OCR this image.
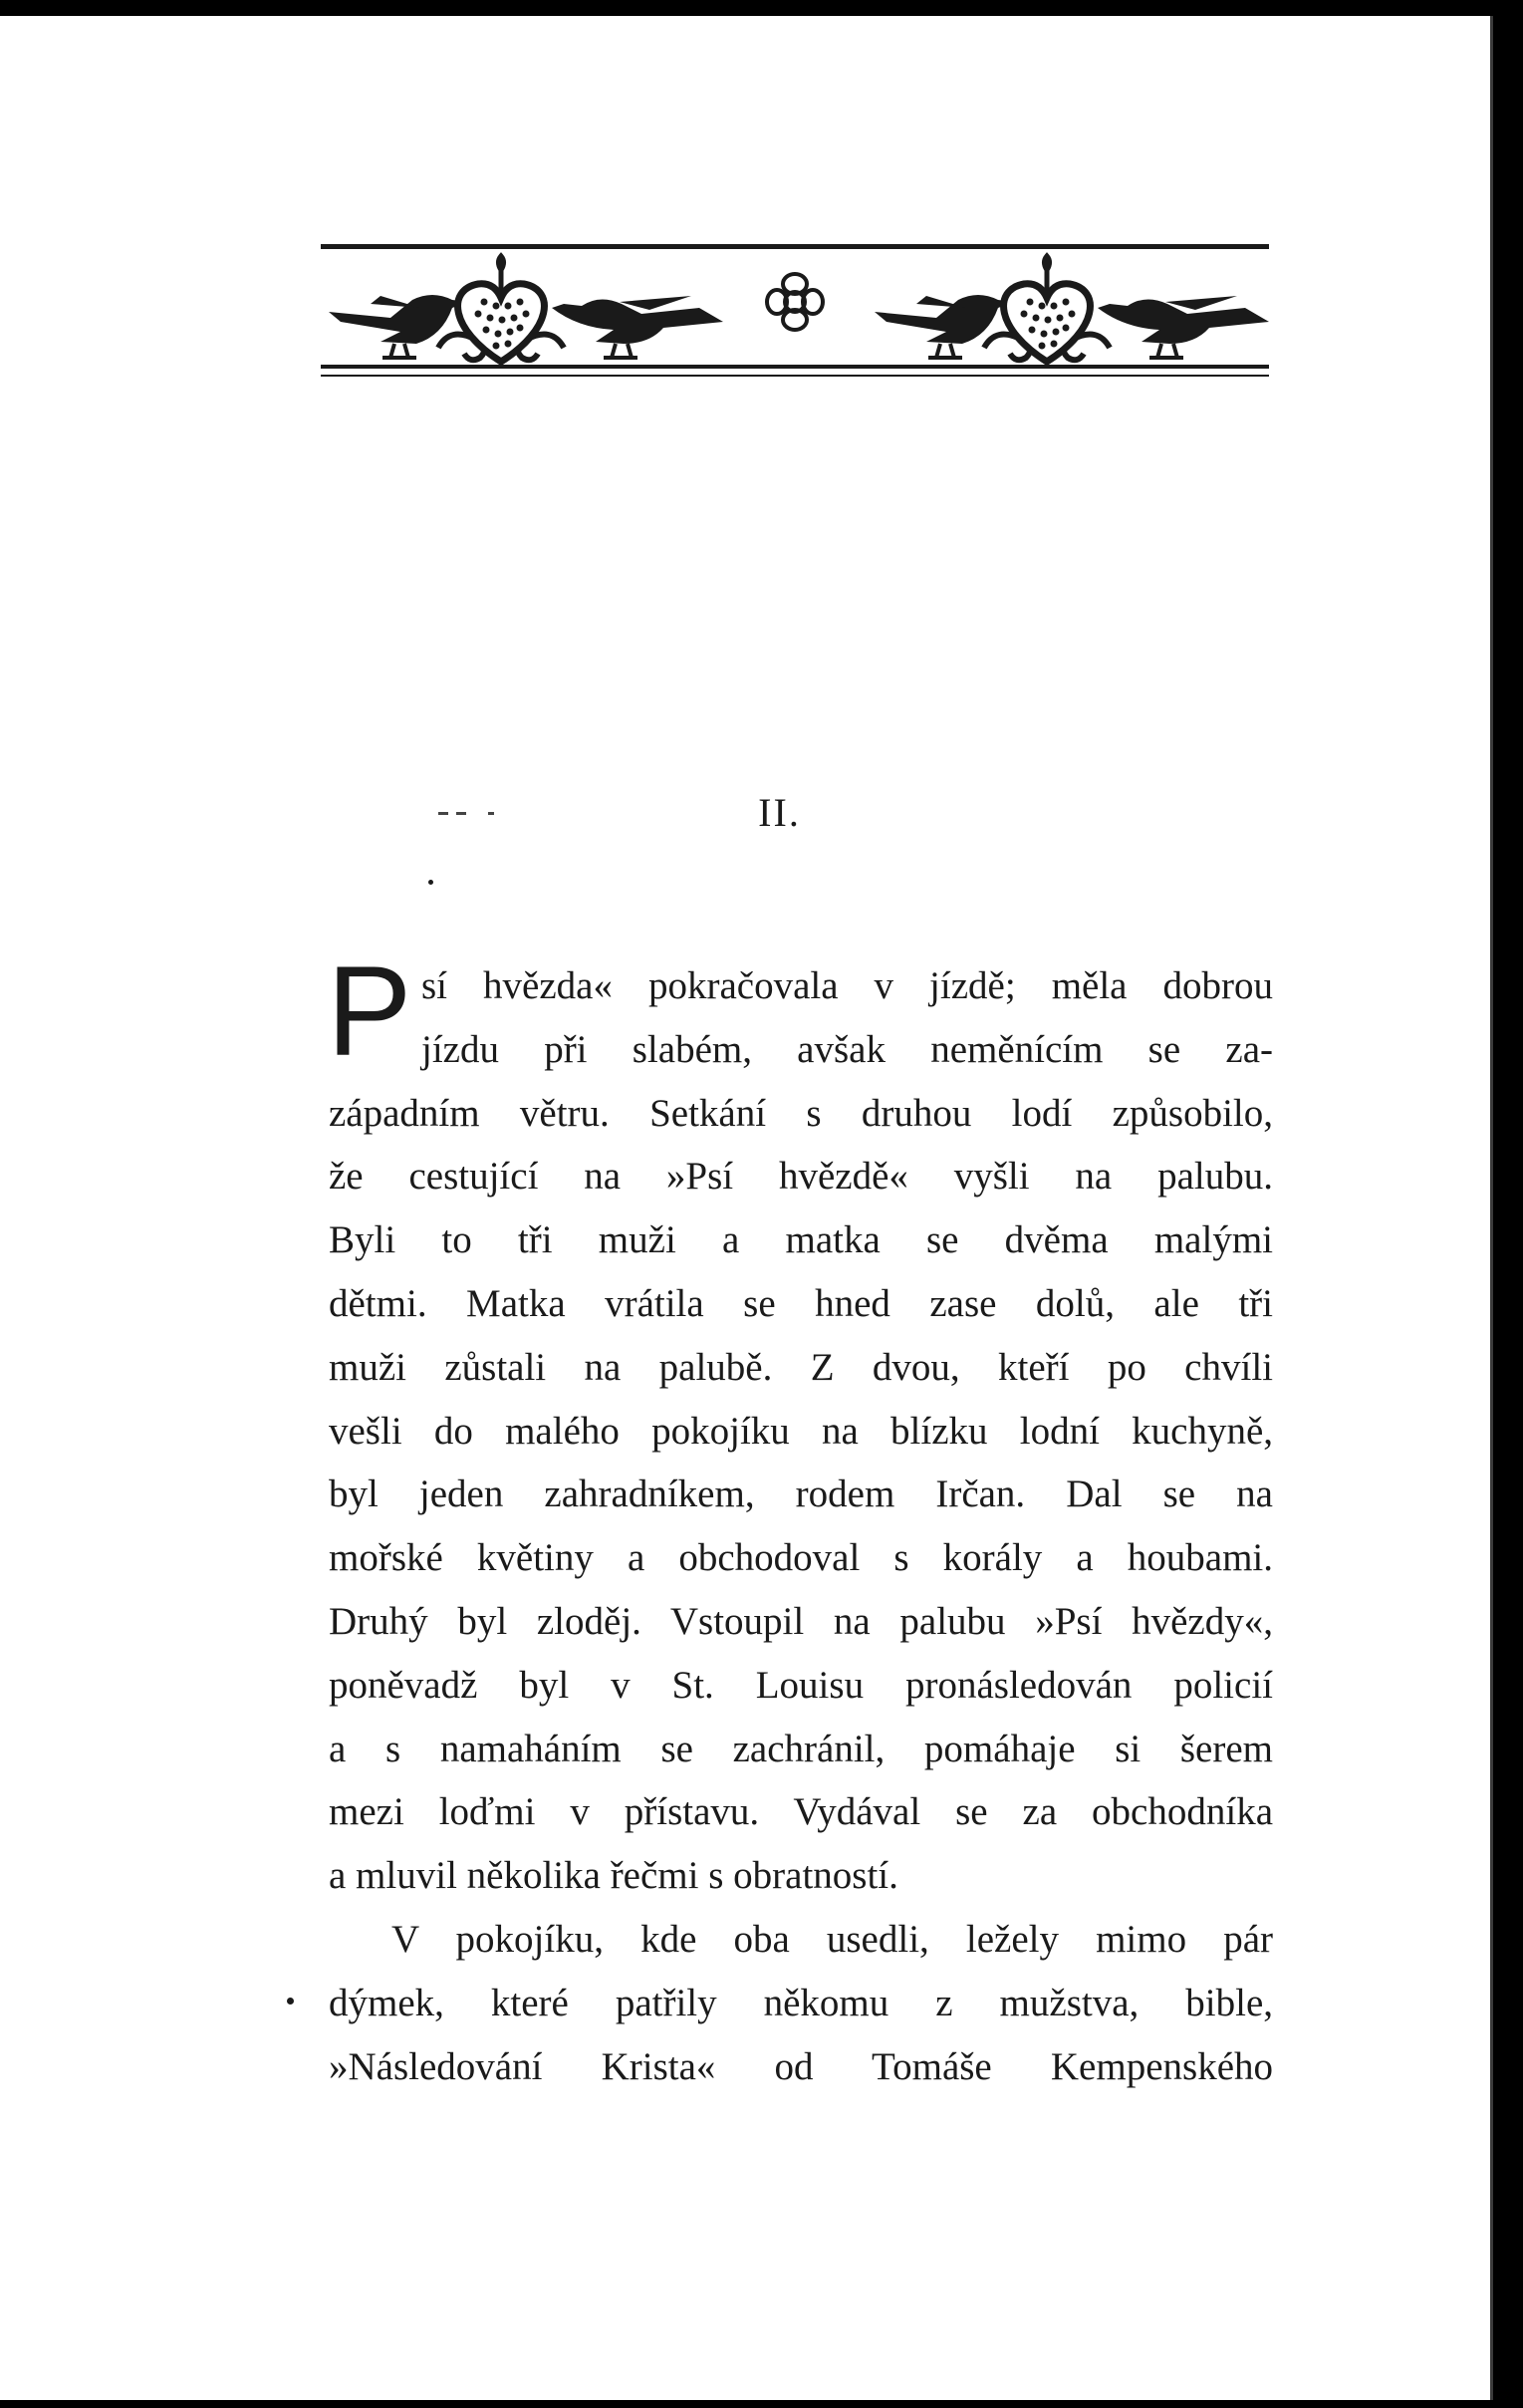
II.
P sí hvězda« pokračovala v jízdě; měla dobrou
jízdu při slabém, avšak neměnícím se za-
západním větru. Setkání s druhou lodí způsobilo,
že cestující na »Psí hvězdě« vyšli na palubu.
Byli to tři muži a matka se dvěma malými
dětmi. Matka vrátila se hned zase dolů, ale tři
muži zůstali na palubě. Z dvou, kteří po chvíli
vešli do malého pokojíku na blízku lodní kuchyně,
byl jeden zahradníkem, rodem Irčan. Dal se na
mořské květiny a obchodoval s korály a houbami.
Druhý byl zloděj. Vstoupil na palubu »Psí hvězdy«,
poněvadž byl v St. Louisu pronásledován policií
a s namaháním se zachránil, pomáhaje si šerem
mezi loďmi v přístavu. Vydával se za obchodníka
a mluvil několika řečmi s obratností.
V pokojíku, kde oba usedli, ležely mimo pár
dýmek, které patřily někomu z mužstva, bible,
»Následování Krista« od Tomáše Kempenského
